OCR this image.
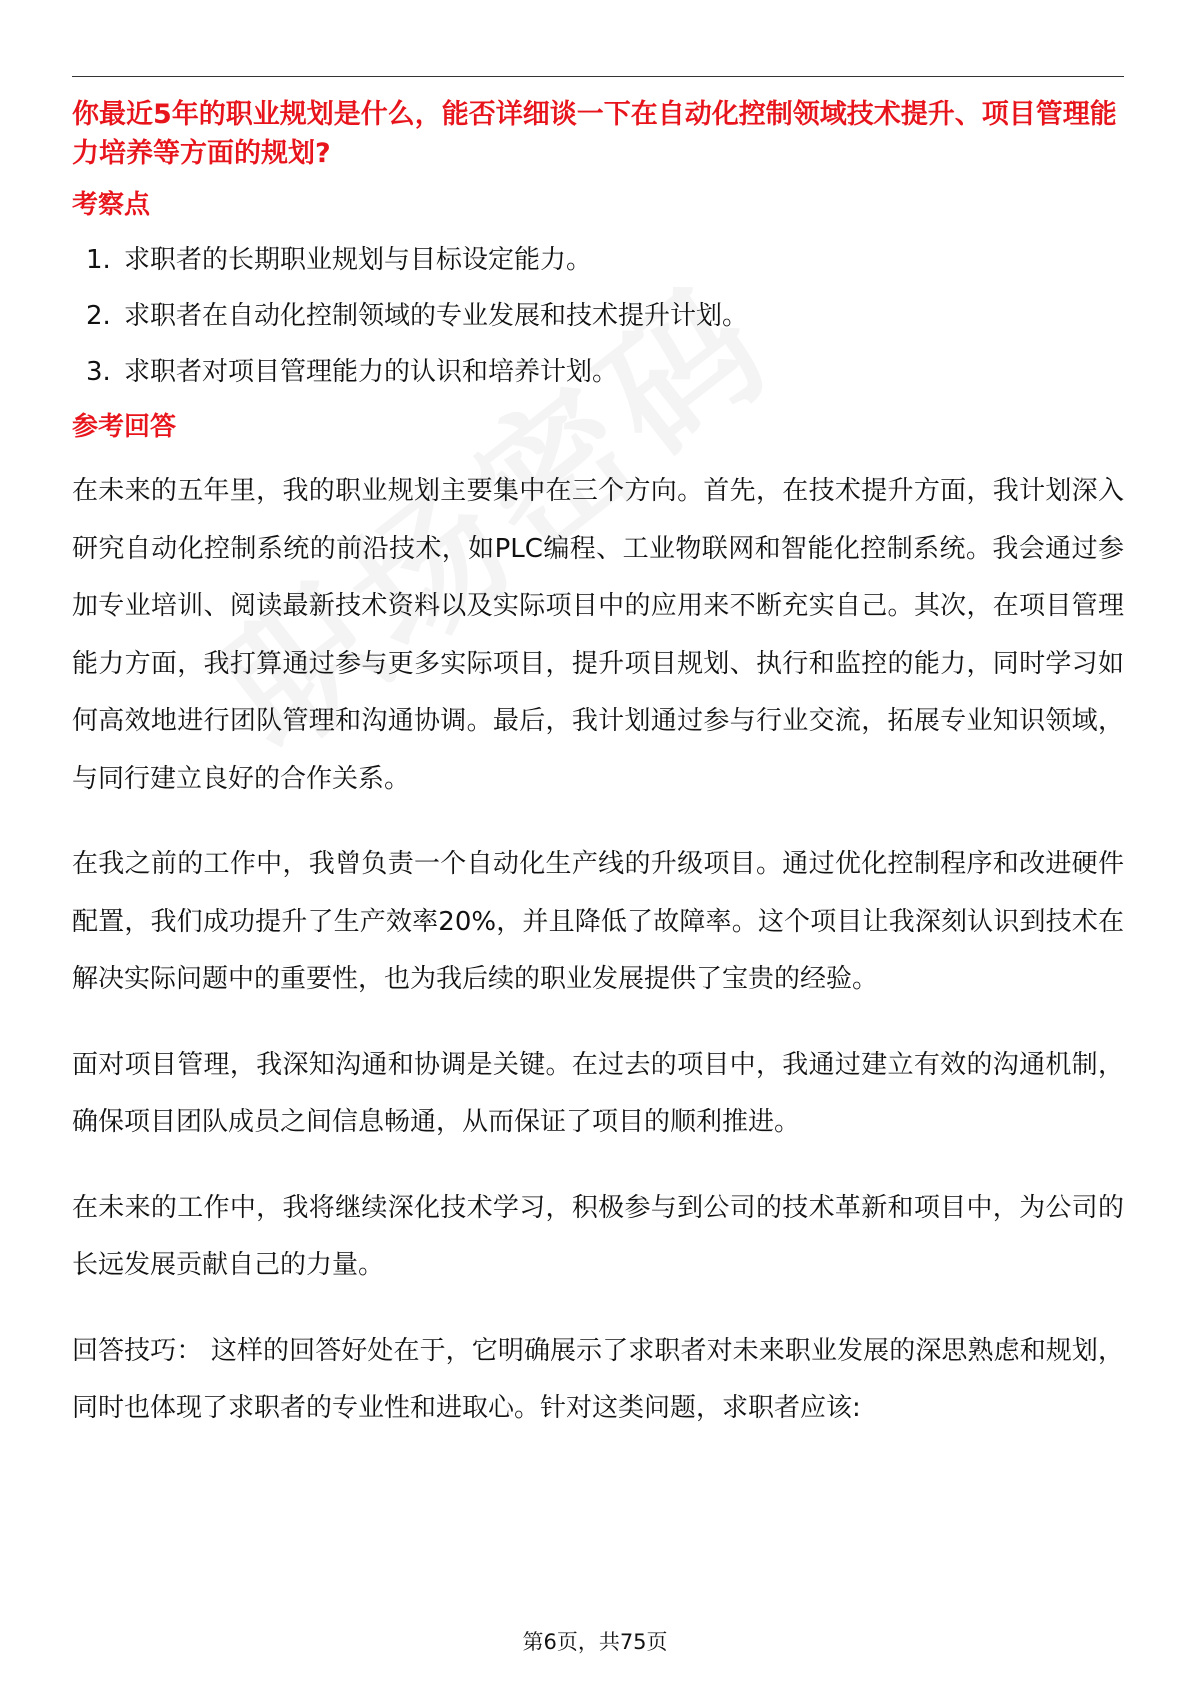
你最近5年的职业规划是什么，能否详细谈一下在自动化控制领域技术提升、项目管理能力培养等方面的规划?
考察点
1. 求职者的长期职业规划与目标设定能力。
2. 求职者在自动化控制领域的专业发展和技术提升计划。
3. 求职者对项目管理能力的认识和培养计划。
参考回答

在未来的五年里，我的职业规划主要集中在三个方向。首先，在技术提升方面，我计划深入研究自动化控制系统的前沿技术，如PLC编程、工业物联网和智能化控制系统。我会通过参加专业培训、阅读最新技术资料以及实际项目中的应用来不断充实自己。其次，在项目管理能力方面，我打算通过参与更多实际项目，提升项目规划、执行和监控的能力，同时学习如何高效地进行团队管理和沟通协调。最后，我计划通过参与行业交流，拓展专业知识领域，与同行建立良好的合作关系。

在我之前的工作中，我曾负责一个自动化生产线的升级项目。通过优化控制程序和改进硬件配置，我们成功提升了生产效率20%，并且降低了故障率。这个项目让我深刻认识到技术在解决实际问题中的重要性，也为我后续的职业发展提供了宝贵的经验。

面对项目管理，我深知沟通和协调是关键。在过去的项目中，我通过建立有效的沟通机制，确保项目团队成员之间信息畅通，从而保证了项目的顺利推进。

在未来的工作中，我将继续深化技术学习，积极参与到公司的技术革新和项目中，为公司的长远发展贡献自己的力量。

回答技巧： 这样的回答好处在于，它明确展示了求职者对未来职业发展的深思熟虑和规划，同时也体现了求职者的专业性和进取心。针对这类问题，求职者应该:

第6页，共75页
